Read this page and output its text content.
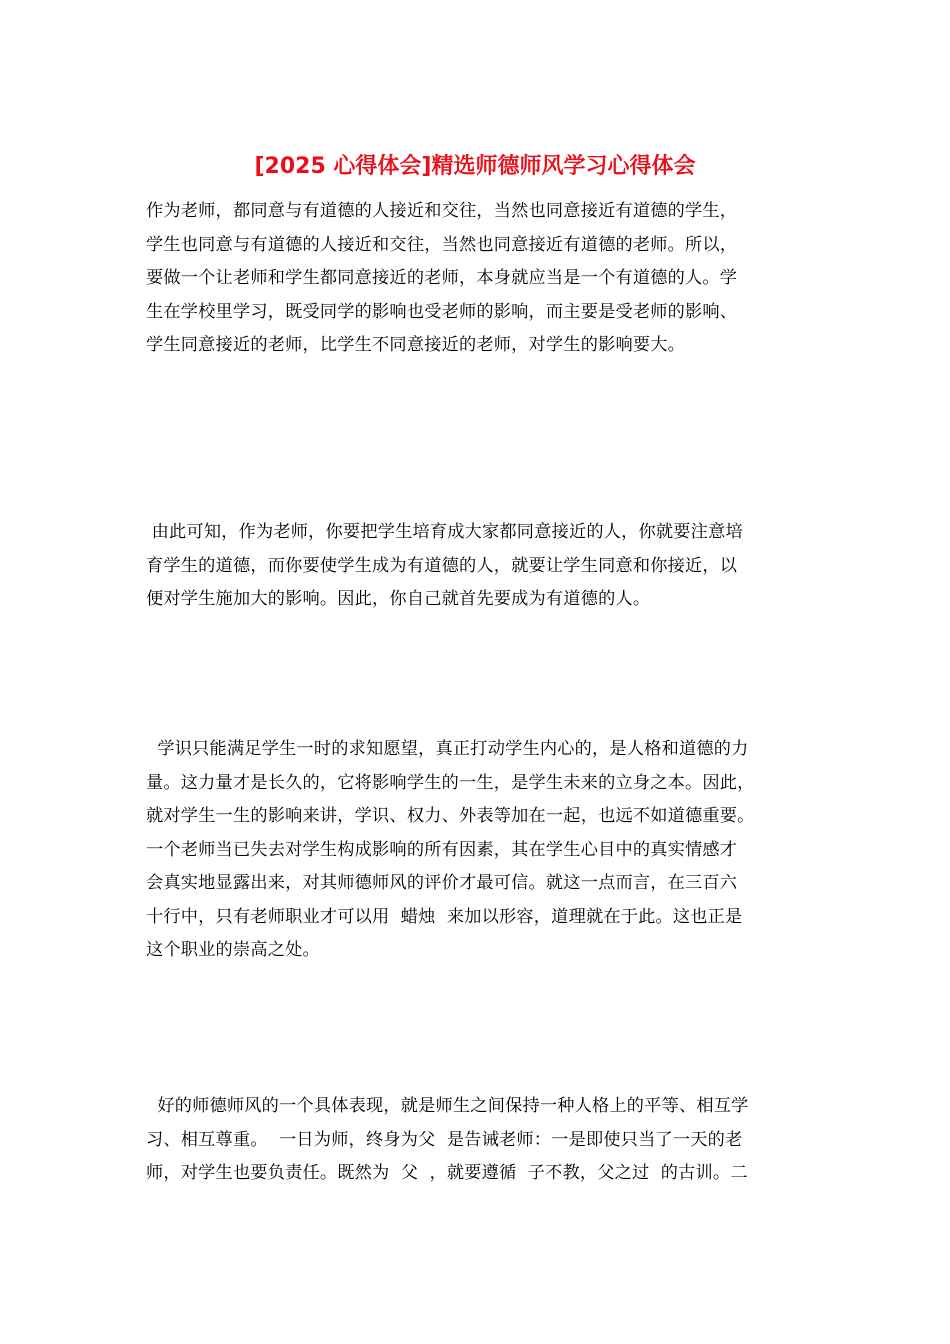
[2025 心得体会]精选师德师风学习心得体会
作为老师，都同意与有道德的人接近和交往，当然也同意接近有道德的学生，
学生也同意与有道德的人接近和交往，当然也同意接近有道德的老师。所以，
要做一个让老师和学生都同意接近的老师，本身就应当是一个有道德的人。学
生在学校里学习，既受同学的影响也受老师的影响，而主要是受老师的影响、
学生同意接近的老师，比学生不同意接近的老师，对学生的影响要大。
由此可知，作为老师，你要把学生培育成大家都同意接近的人，你就要注意培
育学生的道德，而你要使学生成为有道德的人，就要让学生同意和你接近，以
便对学生施加大的影响。因此，你自己就首先要成为有道德的人。
学识只能满足学生一时的求知愿望，真正打动学生内心的，是人格和道德的力
量。这力量才是长久的，它将影响学生的一生，是学生未来的立身之本。因此，
就对学生一生的影响来讲，学识、权力、外表等加在一起，也远不如道德重要。
一个老师当已失去对学生构成影响的所有因素，其在学生心目中的真实情感才
会真实地显露出来，对其师德师风的评价才最可信。就这一点而言，在三百六
十行中，只有老师职业才可以用  蜡烛  来加以形容，道理就在于此。这也正是
这个职业的崇高之处。
好的师德师风的一个具体表现，就是师生之间保持一种人格上的平等、相互学
习、相互尊重。  一日为师，终身为父  是告诫老师：一是即使只当了一天的老
师，对学生也要负责任。既然为  父  ，就要遵循  子不教，父之过  的古训。二
